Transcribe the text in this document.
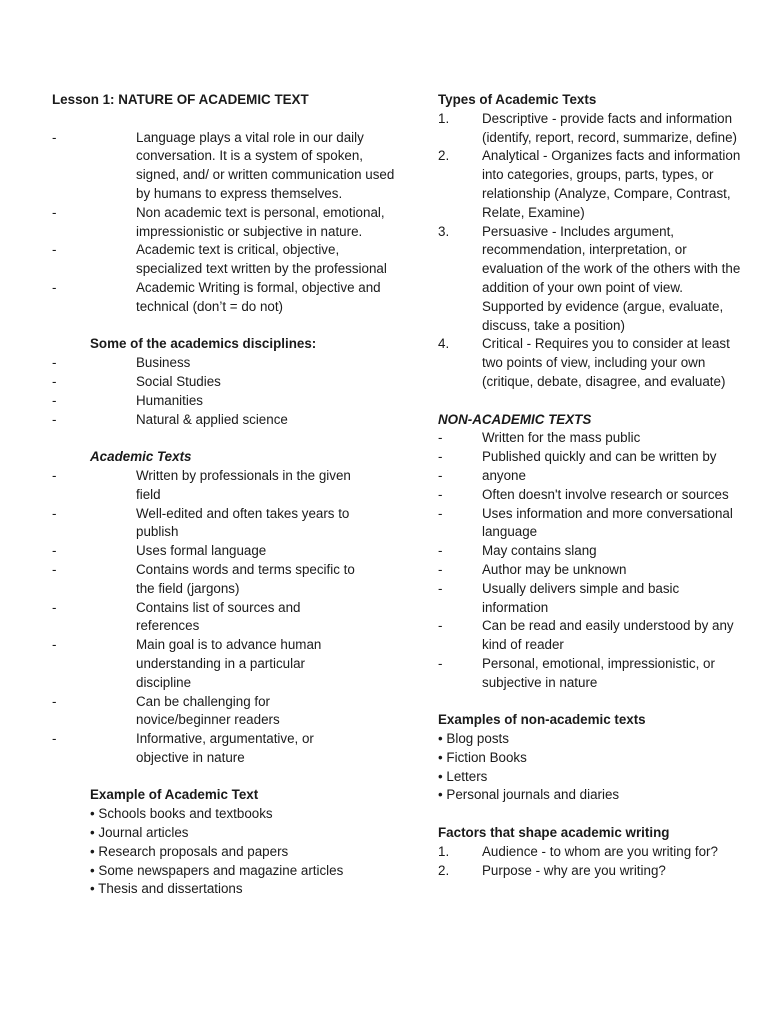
Lesson 1: NATURE OF ACADEMIC TEXT

-	Language plays a vital role in our daily conversation. It is a system of spoken, signed, and/ or written communication used by humans to express themselves.
-	Non academic text is personal, emotional, impressionistic or subjective in nature.
-	Academic text is critical, objective, specialized text written by the professional
-	Academic Writing is formal, objective and technical (don’t = do not)

Some of the academics disciplines:

-	Business
-	Social Studies
-	Humanities
-	Natural & applied science

Academic Texts

-	Written by professionals in the given field
-	Well-edited and often takes years to publish
-	Uses formal language
-	Contains words and terms specific to the field (jargons)
-	Contains list of sources and references
-	Main goal is to advance human understanding in a particular discipline
-	Can be challenging for novice/beginner readers
-	Informative, argumentative, or objective in nature

Example of Academic Text

• Schools books and textbooks
• Journal articles
• Research proposals and papers
• Some newspapers and magazine articles
• Thesis and dissertations

Types of Academic Texts

1. Descriptive - provide facts and information (identify, report, record, summarize, define)
2. Analytical - Organizes facts and information into categories, groups, parts, types, or relationship (Analyze, Compare, Contrast, Relate, Examine)
3. Persuasive - Includes argument, recommendation, interpretation, or evaluation of the work of the others with the addition of your own point of view. Supported by evidence (argue, evaluate, discuss, take a position)
4. Critical - Requires you to consider at least two points of view, including your own (critique, debate, disagree, and evaluate)

NON-ACADEMIC TEXTS

-	Written for the mass public
-	Published quickly and can be written by
-	anyone
-	Often doesn't involve research or sources
-	Uses information and more conversational language
-	May contains slang
-	Author may be unknown
-	Usually delivers simple and basic information
-	Can be read and easily understood by any kind of reader
-	Personal, emotional, impressionistic, or subjective in nature

Examples of non-academic texts

• Blog posts
• Fiction Books
• Letters
• Personal journals and diaries

Factors that shape academic writing

1. Audience - to whom are you writing for?
2. Purpose - why are you writing?
